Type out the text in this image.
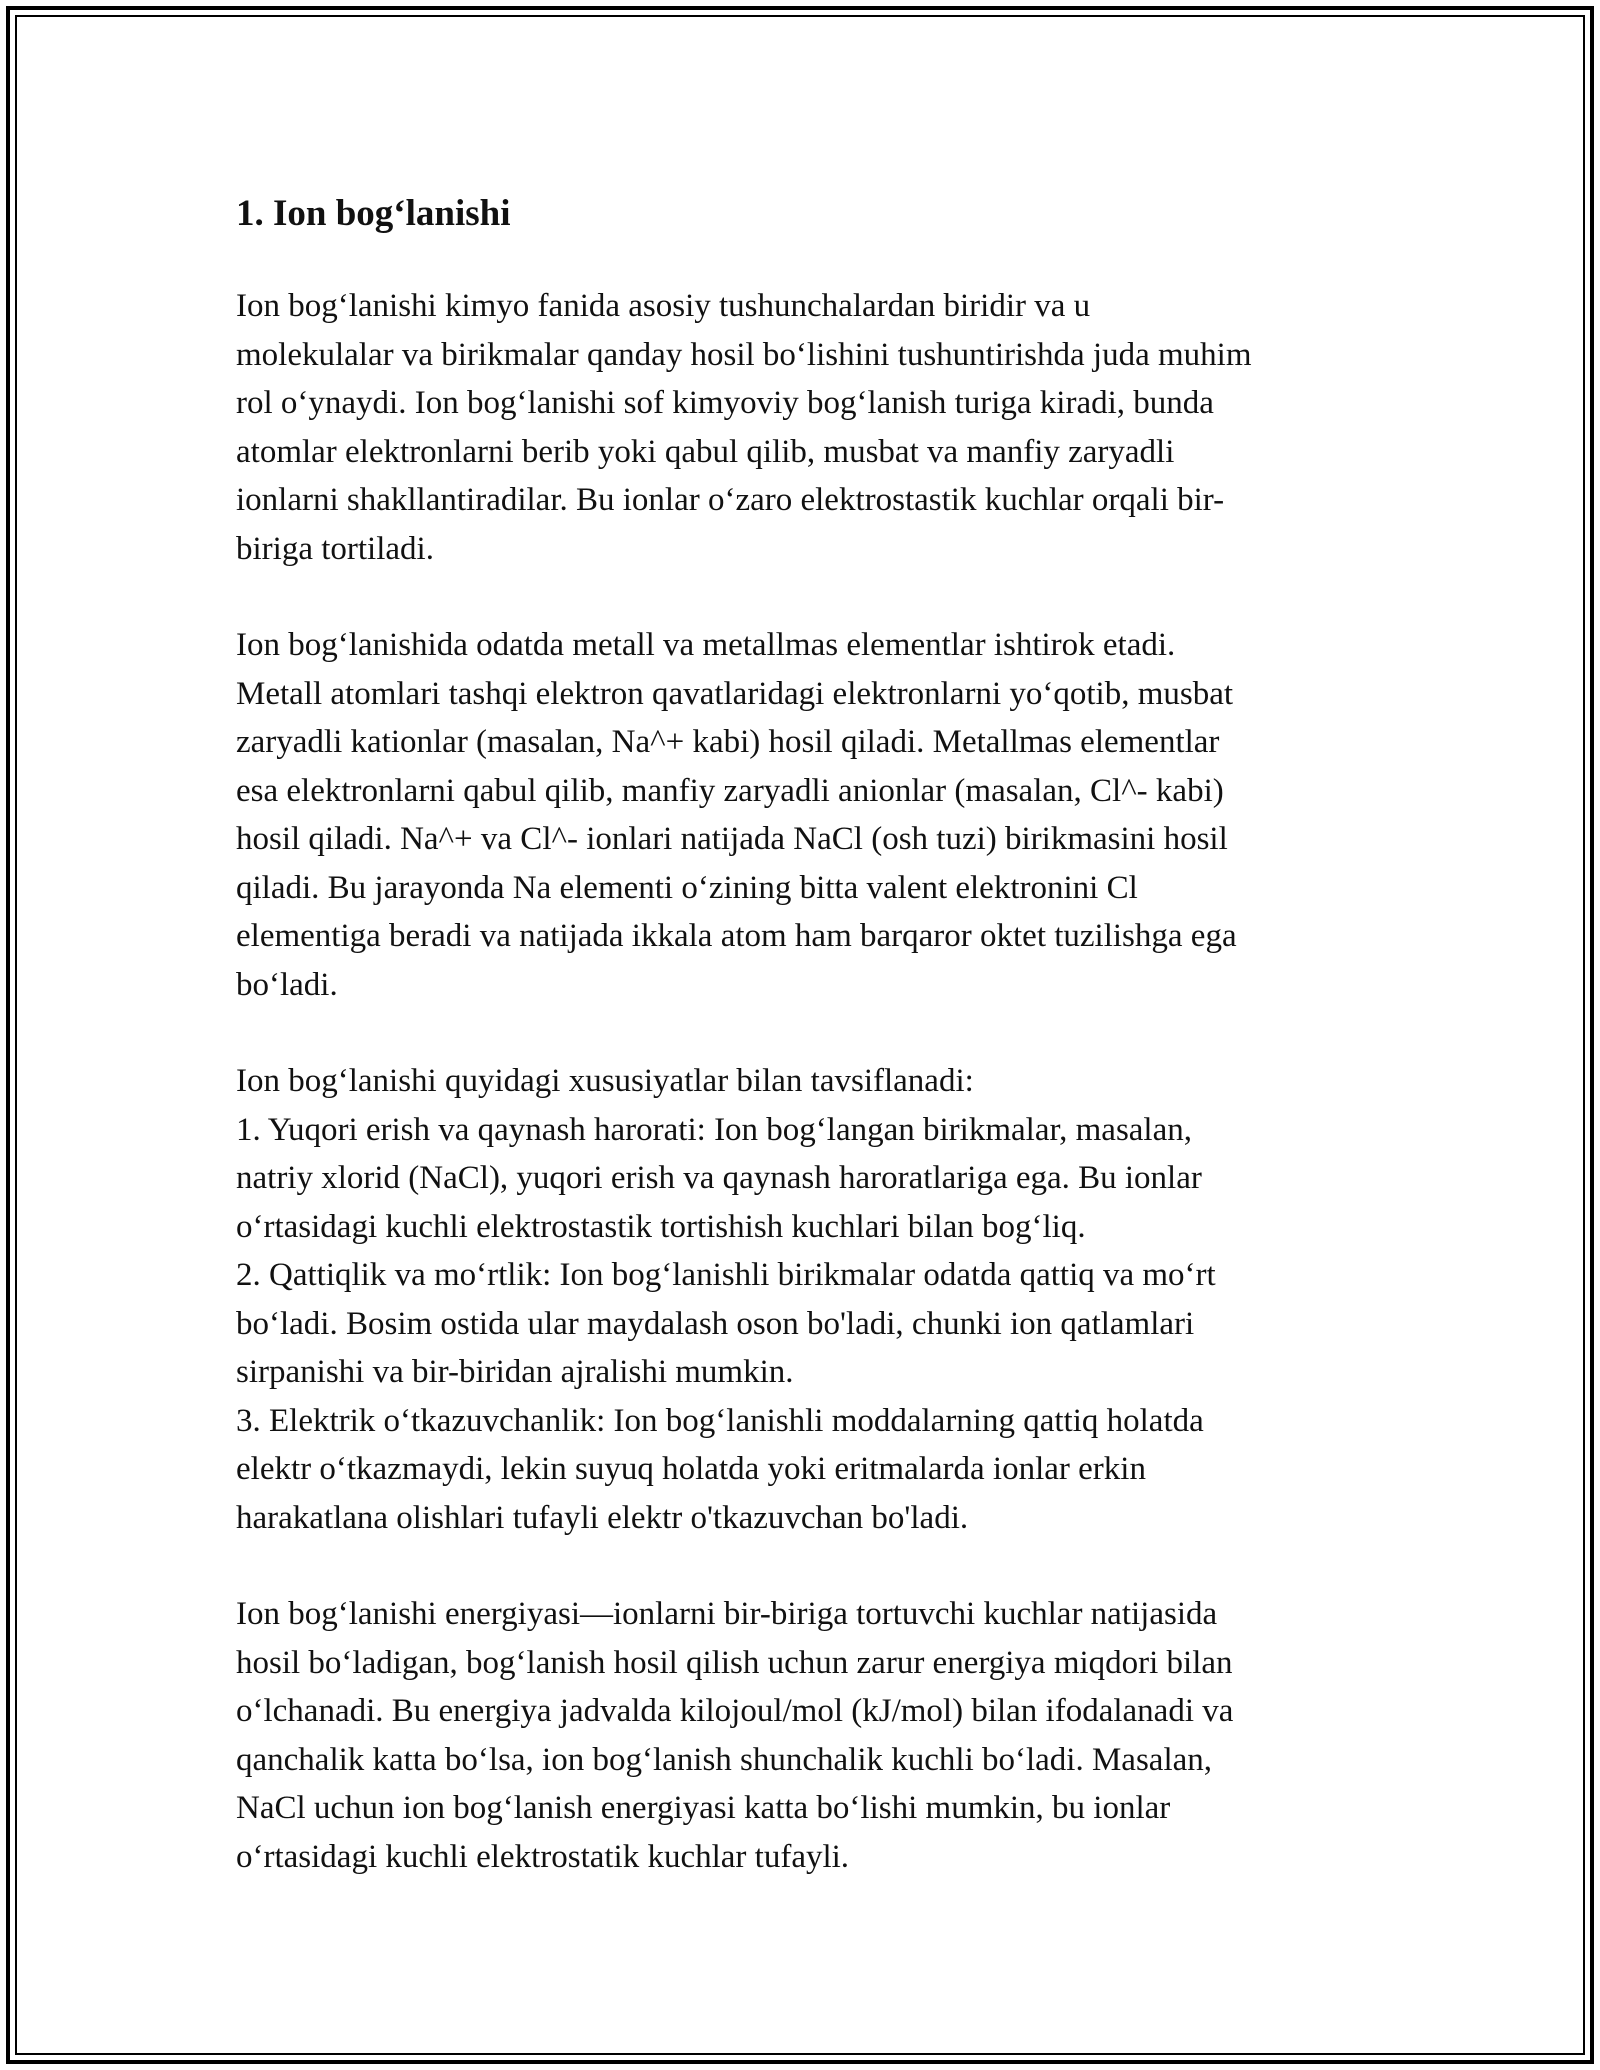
1. Ion bog‘lanishi

Ion bog‘lanishi kimyo fanida asosiy tushunchalardan biridir va u
molekulalar va birikmalar qanday hosil bo‘lishini tushuntirishda juda muhim
rol o‘ynaydi. Ion bog‘lanishi sof kimyoviy bog‘lanish turiga kiradi, bunda
atomlar elektronlarni berib yoki qabul qilib, musbat va manfiy zaryadli
ionlarni shakllantiradilar. Bu ionlar o‘zaro elektrostastik kuchlar orqali bir-
biriga tortiladi.

Ion bog‘lanishida odatda metall va metallmas elementlar ishtirok etadi.
Metall atomlari tashqi elektron qavatlaridagi elektronlarni yo‘qotib, musbat
zaryadli kationlar (masalan, Na^+ kabi) hosil qiladi. Metallmas elementlar
esa elektronlarni qabul qilib, manfiy zaryadli anionlar (masalan, Cl^- kabi)
hosil qiladi. Na^+ va Cl^- ionlari natijada NaCl (osh tuzi) birikmasini hosil
qiladi. Bu jarayonda Na elementi o‘zining bitta valent elektronini Cl
elementiga beradi va natijada ikkala atom ham barqaror oktet tuzilishga ega
bo‘ladi.

Ion bog‘lanishi quyidagi xususiyatlar bilan tavsiflanadi:
1. Yuqori erish va qaynash harorati: Ion bog‘langan birikmalar, masalan,
natriy xlorid (NaCl), yuqori erish va qaynash haroratlariga ega. Bu ionlar
o‘rtasidagi kuchli elektrostastik tortishish kuchlari bilan bog‘liq.
2. Qattiqlik va mo‘rtlik: Ion bog‘lanishli birikmalar odatda qattiq va mo‘rt
bo‘ladi. Bosim ostida ular maydalash oson bo'ladi, chunki ion qatlamlari
sirpanishi va bir-biridan ajralishi mumkin.
3. Elektrik o‘tkazuvchanlik: Ion bog‘lanishli moddalarning qattiq holatda
elektr o‘tkazmaydi, lekin suyuq holatda yoki eritmalarda ionlar erkin
harakatlana olishlari tufayli elektr o'tkazuvchan bo'ladi.

Ion bog‘lanishi energiyasi—ionlarni bir-biriga tortuvchi kuchlar natijasida
hosil bo‘ladigan, bog‘lanish hosil qilish uchun zarur energiya miqdori bilan
o‘lchanadi. Bu energiya jadvalda kilojoul/mol (kJ/mol) bilan ifodalanadi va
qanchalik katta bo‘lsa, ion bog‘lanish shunchalik kuchli bo‘ladi. Masalan,
NaCl uchun ion bog‘lanish energiyasi katta bo‘lishi mumkin, bu ionlar
o‘rtasidagi kuchli elektrostatik kuchlar tufayli.
